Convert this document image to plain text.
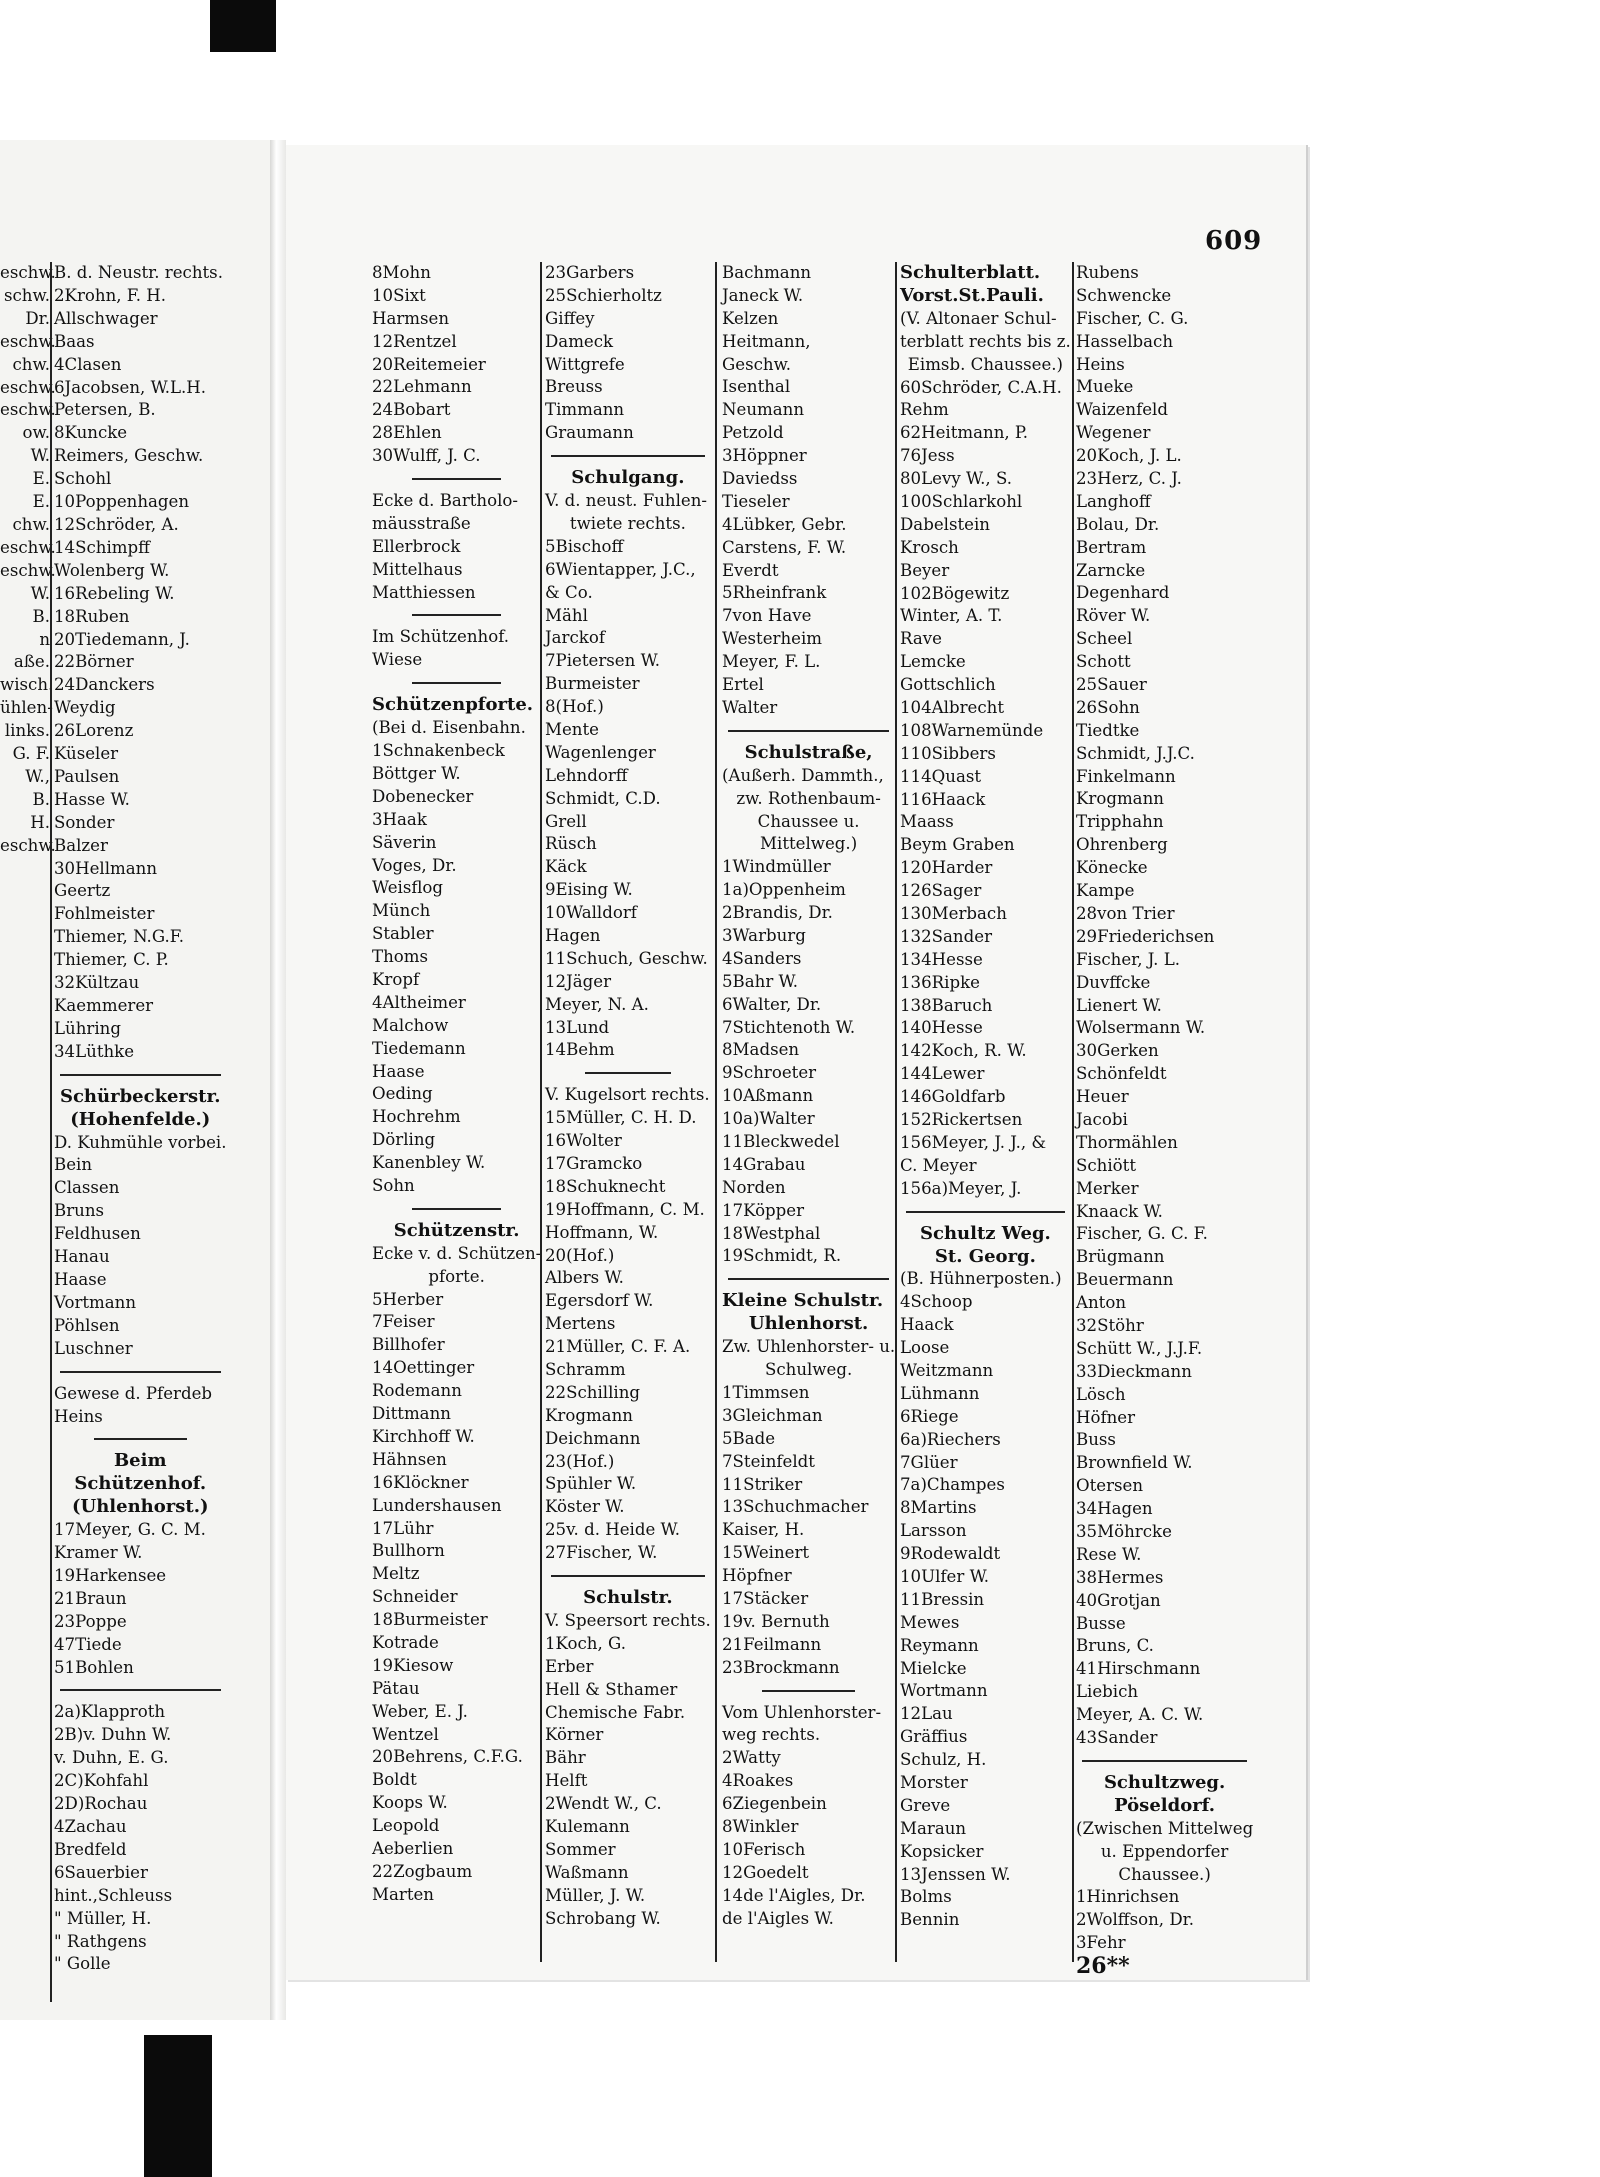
609
eschw.
schw.
Dr.
eschw.
chw.
eschw.
eschw.
ow.
W.
E.
E.
chw.
eschw.
eschw.
W.
B.
n
aße.
wisch.
ühlen-
links.
G. F.
W.,
B.
H.
eschw.
B. d. Neustr. rechts.
2Krohn, F. H.
Allschwager
Baas
4Clasen
6Jacobsen, W.L.H.
Petersen, B.
8Kuncke
Reimers, Geschw.
Schohl
10Poppenhagen
12Schröder, A.
14Schimpff
Wolenberg W.
16Rebeling W.
18Ruben
20Tiedemann, J.
22Börner
24Danckers
Weydig
26Lorenz
Küseler
Paulsen
Hasse W.
Sonder
Balzer
30Hellmann
Geertz
Fohlmeister
Thiemer, N.G.F.
Thiemer, C. P.
32Kültzau
Kaemmerer
Lühring
34Lüthke
Schürbeckerstr.
(Hohenfelde.)
D. Kuhmühle vorbei.
Bein
Classen
Bruns
Feldhusen
Hanau
Haase
Vortmann
Pöhlsen
Luschner
Gewese d. Pferdeb
Heins
Beim
Schützenhof.
(Uhlenhorst.)
17Meyer, G. C. M.
Kramer W.
19Harkensee
21Braun
23Poppe
47Tiede
51Bohlen
2a)Klapproth
2B)v. Duhn W.
v. Duhn, E. G.
2C)Kohfahl
2D)Rochau
4Zachau
Bredfeld
6Sauerbier
hint.,Schleuss
" Müller, H.
" Rathgens
" Golle
8Mohn
10Sixt
Harmsen
12Rentzel
20Reitemeier
22Lehmann
24Bobart
28Ehlen
30Wulff, J. C.
Ecke d. Bartholo-
mäusstraße
Ellerbrock
Mittelhaus
Matthiessen
Im Schützenhof.
Wiese
Schützenpforte.
(Bei d. Eisenbahn.
1Schnakenbeck
Böttger W.
Dobenecker
3Haak
Säverin
Voges, Dr.
Weisflog
Münch
Stabler
Thoms
Kropf
4Altheimer
Malchow
Tiedemann
Haase
Oeding
Hochrehm
Dörling
Kanenbley W.
Sohn
Schützenstr.
Ecke v. d. Schützen-
pforte.
5Herber
7Feiser
Billhofer
14Oettinger
Rodemann
Dittmann
Kirchhoff W.
Hähnsen
16Klöckner
Lundershausen
17Lühr
Bullhorn
Meltz
Schneider
18Burmeister
Kotrade
19Kiesow
Pätau
Weber, E. J.
Wentzel
20Behrens, C.F.G.
Boldt
Koops W.
Leopold
Aeberlien
22Zogbaum
Marten
23Garbers
25Schierholtz
Giffey
Dameck
Wittgrefe
Breuss
Timmann
Graumann
Schulgang.
V. d. neust. Fuhlen-
twiete rechts.
5Bischoff
6Wientapper, J.C.,
& Co.
Mähl
Jarckof
7Pietersen W.
Burmeister
8(Hof.)
Mente
Wagenlenger
Lehndorff
Schmidt, C.D.
Grell
Rüsch
Käck
9Eising W.
10Walldorf
Hagen
11Schuch, Geschw.
12Jäger
Meyer, N. A.
13Lund
14Behm
V. Kugelsort rechts.
15Müller, C. H. D.
16Wolter
17Gramcko
18Schuknecht
19Hoffmann, C. M.
Hoffmann, W.
20(Hof.)
Albers W.
Egersdorf W.
Mertens
21Müller, C. F. A.
Schramm
22Schilling
Krogmann
Deichmann
23(Hof.)
Spühler W.
Köster W.
25v. d. Heide W.
27Fischer, W.
Schulstr.
V. Speersort rechts.
1Koch, G.
Erber
Hell & Sthamer
Chemische Fabr.
Körner
Bähr
Helft
2Wendt W., C.
Kulemann
Sommer
Waßmann
Müller, J. W.
Schrobang W.
Bachmann
Janeck W.
Kelzen
Heitmann,
Geschw.
Isenthal
Neumann
Petzold
3Höppner
Daviedss
Tieseler
4Lübker, Gebr.
Carstens, F. W.
Everdt
5Rheinfrank
7von Have
Westerheim
Meyer, F. L.
Ertel
Walter
Schulstraße,
(Außerh. Dammth.,
zw. Rothenbaum-
Chaussee u.
Mittelweg.)
1Windmüller
1a)Oppenheim
2Brandis, Dr.
3Warburg
4Sanders
5Bahr W.
6Walter, Dr.
7Stichtenoth W.
8Madsen
9Schroeter
10Aßmann
10a)Walter
11Bleckwedel
14Grabau
Norden
17Köpper
18Westphal
19Schmidt, R.
Kleine Schulstr.
Uhlenhorst.
Zw. Uhlenhorster- u.
Schulweg.
1Timmsen
3Gleichman
5Bade
7Steinfeldt
11Striker
13Schuchmacher
Kaiser, H.
15Weinert
Höpfner
17Stäcker
19v. Bernuth
21Feilmann
23Brockmann
Vom Uhlenhorster-
weg rechts.
2Watty
4Roakes
6Ziegenbein
8Winkler
10Ferisch
12Goedelt
14de l'Aigles, Dr.
de l'Aigles W.
Schulterblatt.
Vorst.St.Pauli.
(V. Altonaer Schul-
terblatt rechts bis z.
Eimsb. Chaussee.)
60Schröder, C.A.H.
Rehm
62Heitmann, P.
76Jess
80Levy W., S.
100Schlarkohl
Dabelstein
Krosch
Beyer
102Bögewitz
Winter, A. T.
Rave
Lemcke
Gottschlich
104Albrecht
108Warnemünde
110Sibbers
114Quast
116Haack
Maass
Beym Graben
120Harder
126Sager
130Merbach
132Sander
134Hesse
136Ripke
138Baruch
140Hesse
142Koch, R. W.
144Lewer
146Goldfarb
152Rickertsen
156Meyer, J. J., &
C. Meyer
156a)Meyer, J.
Schultz Weg.
St. Georg.
(B. Hühnerposten.)
4Schoop
Haack
Loose
Weitzmann
Lühmann
6Riege
6a)Riechers
7Glüer
7a)Champes
8Martins
Larsson
9Rodewaldt
10Ulfer W.
11Bressin
Mewes
Reymann
Mielcke
Wortmann
12Lau
Gräffius
Schulz, H.
Morster
Greve
Maraun
Kopsicker
13Jenssen W.
Bolms
Bennin
Rubens
Schwencke
Fischer, C. G.
Hasselbach
Heins
Mueke
Waizenfeld
Wegener
20Koch, J. L.
23Herz, C. J.
Langhoff
Bolau, Dr.
Bertram
Zarncke
Degenhard
Röver W.
Scheel
Schott
25Sauer
26Sohn
Tiedtke
Schmidt, J.J.C.
Finkelmann
Krogmann
Tripphahn
Ohrenberg
Könecke
Kampe
28von Trier
29Friederichsen
Fischer, J. L.
Duvffcke
Lienert W.
Wolsermann W.
30Gerken
Schönfeldt
Heuer
Jacobi
Thormählen
Schiött
Merker
Knaack W.
Fischer, G. C. F.
Brügmann
Beuermann
Anton
32Stöhr
Schütt W., J.J.F.
33Dieckmann
Lösch
Höfner
Buss
Brownfield W.
Otersen
34Hagen
35Möhrcke
Rese W.
38Hermes
40Grotjan
Busse
Bruns, C.
41Hirschmann
Liebich
Meyer, A. C. W.
43Sander
Schultzweg.
Pöseldorf.
(Zwischen Mittelweg
u. Eppendorfer
Chaussee.)
1Hinrichsen
2Wolffson, Dr.
3Fehr
26**
